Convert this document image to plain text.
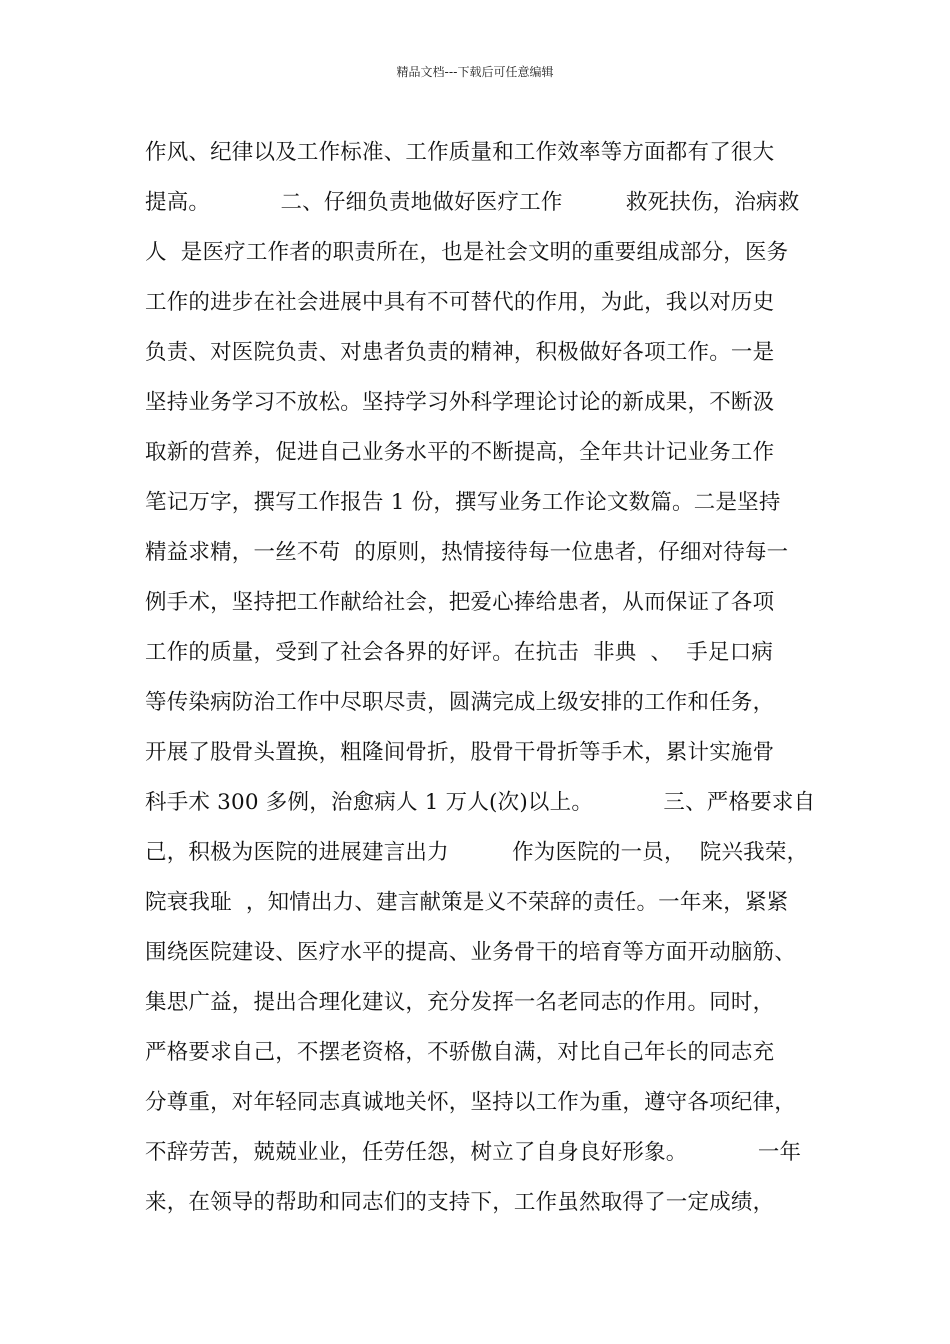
精品文档---下载后可任意编辑
作风、纪律以及工作标准、工作质量和工作效率等方面都有了很大
提高。          二、仔细负责地做好医疗工作         救死扶伤，治病救
人  是医疗工作者的职责所在，也是社会文明的重要组成部分，医务
工作的进步在社会进展中具有不可替代的作用，为此，我以对历史
负责、对医院负责、对患者负责的精神，积极做好各项工作。一是
坚持业务学习不放松。坚持学习外科学理论讨论的新成果，不断汲
取新的营养，促进自己业务水平的不断提高，全年共计记业务工作
笔记万字，撰写工作报告 1 份，撰写业务工作论文数篇。二是坚持
精益求精，一丝不苟  的原则，热情接待每一位患者，仔细对待每一
例手术，坚持把工作献给社会，把爱心捧给患者，从而保证了各项
工作的质量，受到了社会各界的好评。在抗击  非典  、  手足口病
等传染病防治工作中尽职尽责，圆满完成上级安排的工作和任务，
开展了股骨头置换，粗隆间骨折，股骨干骨折等手术，累计实施骨
科手术 300 多例，治愈病人 1 万人(次)以上。          三、严格要求自
己，积极为医院的进展建言出力         作为医院的一员，  院兴我荣，
院衰我耻  ，知情出力、建言献策是义不荣辞的责任。一年来，紧紧
围绕医院建设、医疗水平的提高、业务骨干的培育等方面开动脑筋、
集思广益，提出合理化建议，充分发挥一名老同志的作用。同时，
严格要求自己，不摆老资格，不骄傲自满，对比自己年长的同志充
分尊重，对年轻同志真诚地关怀，坚持以工作为重，遵守各项纪律，
不辞劳苦，兢兢业业，任劳任怨，树立了自身良好形象。          一年
来，在领导的帮助和同志们的支持下，工作虽然取得了一定成绩，
